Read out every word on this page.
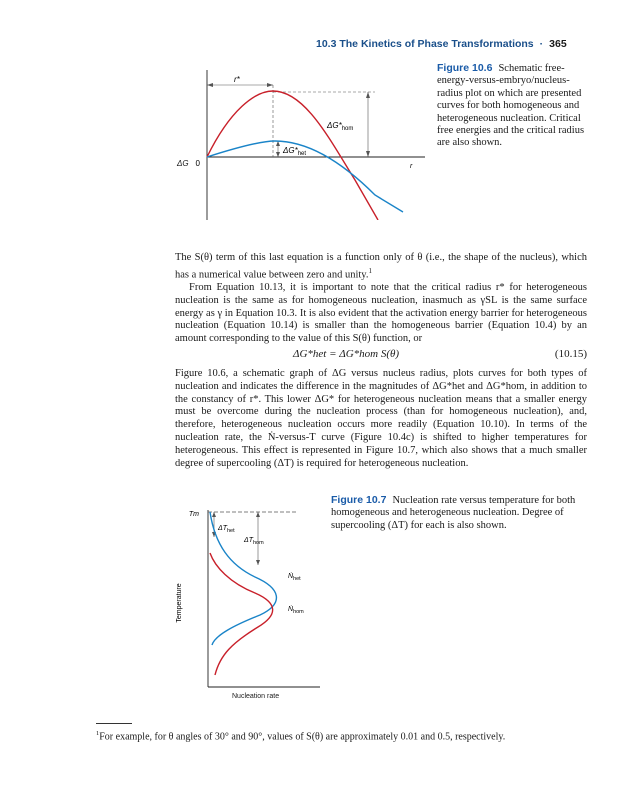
10.3 The Kinetics of Phase Transformations · 365
r*
$\Delta G*_{hom}$
$\Delta G*_{het}$
0	r
ΔG
Figure 10.6 Schematic free-energy-versus-embryo/nucleus-radius plot on which are presented curves for both homogeneous and heterogeneous nucleation. Critical free energies and the critical radius are also shown.

The S(θ) term of this last equation is a function only of θ (i.e., the shape of the nucleus), which has a numerical value between zero and unity.$^1$

From Equation 10.13, it is important to note that the critical radius r* for heterogeneous nucleation is the same as for homogeneous nucleation, inasmuch as γSL is the same surface energy as γ in Equation 10.3. It is also evident that the activation energy barrier for heterogeneous nucleation (Equation 10.14) is smaller than the homogeneous barrier (Equation 10.4) by an amount corresponding to the value of this S(θ) function, or

ΔG*het = ΔG*hom S(θ)	(10.15)

Figure 10.6, a schematic graph of ΔG versus nucleus radius, plots curves for both types of nucleation and indicates the difference in the magnitudes of ΔG*het and ΔG*hom, in addition to the constancy of r*. This lower ΔG* for heterogeneous nucleation means that a smaller energy must be overcome during the nucleation process (than for homogeneous nucleation), and, therefore, heterogeneous nucleation occurs more readily (Equation 10.10). In terms of the nucleation rate, the Ṅ-versus-T curve (Figure 10.4c) is shifted to higher temperatures for heterogeneous. This effect is represented in Figure 10.7, which also shows that a much smaller degree of supercooling (ΔT) is required for heterogeneous nucleation.

Tm
$\Delta T_{het}$
$\Delta T_{hom}$
Ṅ$_{het}$
Ṅ$_{hom}$
Temperature
Nucleation rate
Figure 10.7 Nucleation rate versus temperature for both homogeneous and heterogeneous nucleation. Degree of supercooling (ΔT) for each is also shown.
$^1$For example, for θ angles of 30° and 90°, values of S(θ) are approximately 0.01 and 0.5, respectively.
